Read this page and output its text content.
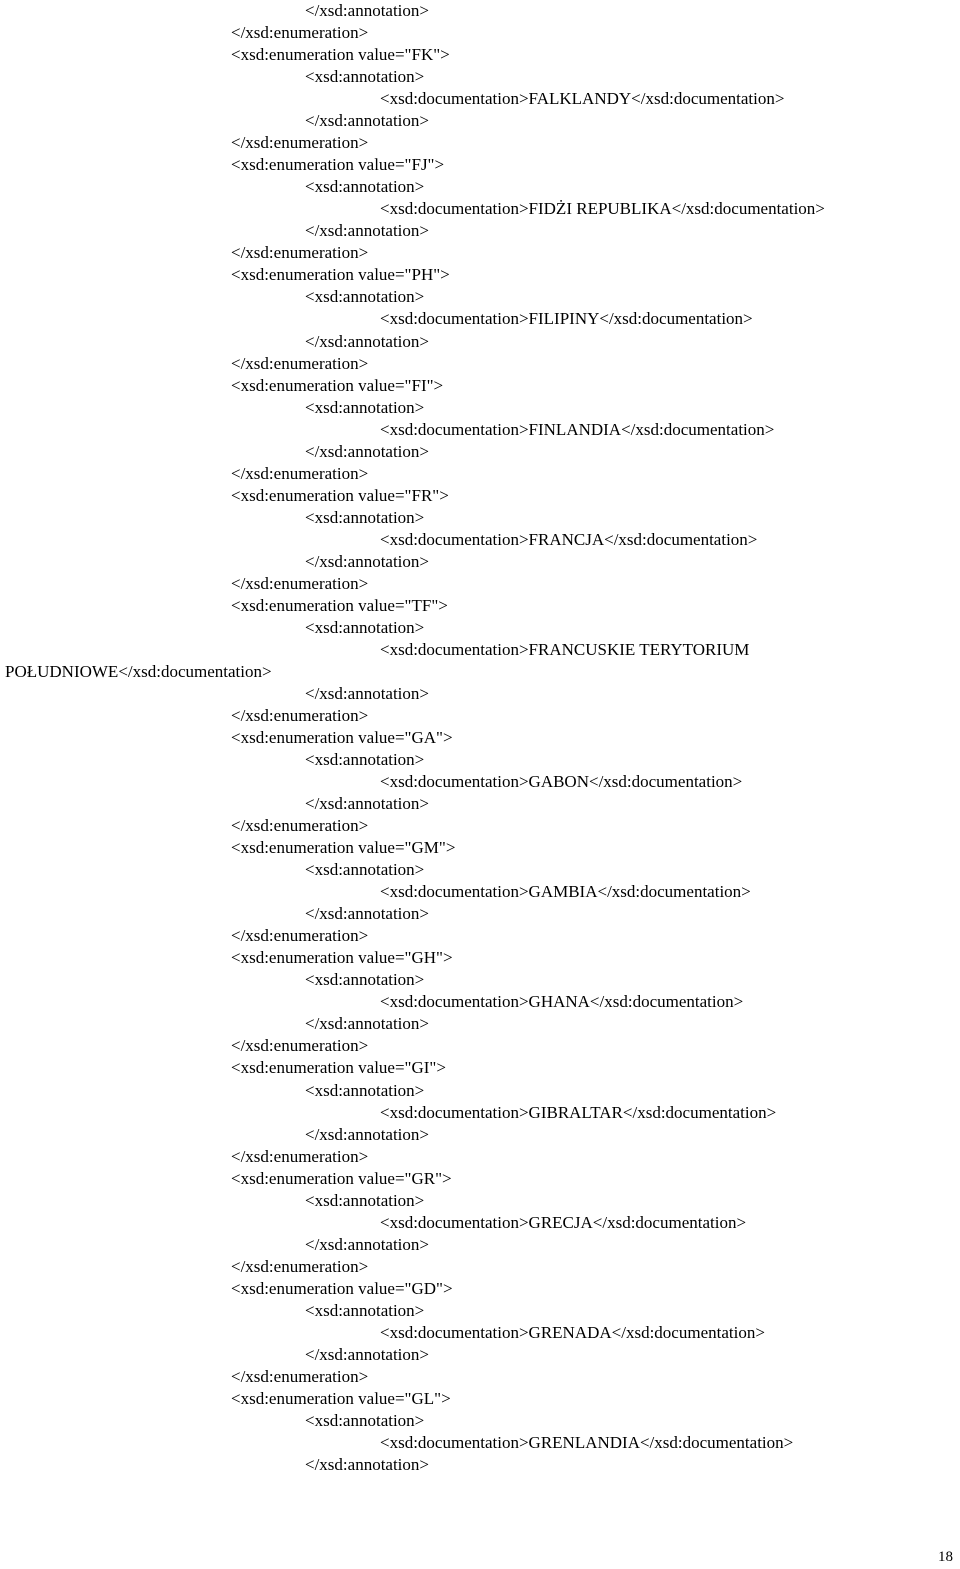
</xsd:annotation>
</xsd:enumeration>
<xsd:enumeration value="FK">
<xsd:annotation>
<xsd:documentation>FALKLANDY</xsd:documentation>
</xsd:annotation>
</xsd:enumeration>
<xsd:enumeration value="FJ">
<xsd:annotation>
<xsd:documentation>FIDŻI REPUBLIKA</xsd:documentation>
</xsd:annotation>
</xsd:enumeration>
<xsd:enumeration value="PH">
<xsd:annotation>
<xsd:documentation>FILIPINY</xsd:documentation>
</xsd:annotation>
</xsd:enumeration>
<xsd:enumeration value="FI">
<xsd:annotation>
<xsd:documentation>FINLANDIA</xsd:documentation>
</xsd:annotation>
</xsd:enumeration>
<xsd:enumeration value="FR">
<xsd:annotation>
<xsd:documentation>FRANCJA</xsd:documentation>
</xsd:annotation>
</xsd:enumeration>
<xsd:enumeration value="TF">
<xsd:annotation>
<xsd:documentation>FRANCUSKIE TERYTORIUM
POŁUDNIOWE</xsd:documentation>
</xsd:annotation>
</xsd:enumeration>
<xsd:enumeration value="GA">
<xsd:annotation>
<xsd:documentation>GABON</xsd:documentation>
</xsd:annotation>
</xsd:enumeration>
<xsd:enumeration value="GM">
<xsd:annotation>
<xsd:documentation>GAMBIA</xsd:documentation>
</xsd:annotation>
</xsd:enumeration>
<xsd:enumeration value="GH">
<xsd:annotation>
<xsd:documentation>GHANA</xsd:documentation>
</xsd:annotation>
</xsd:enumeration>
<xsd:enumeration value="GI">
<xsd:annotation>
<xsd:documentation>GIBRALTAR</xsd:documentation>
</xsd:annotation>
</xsd:enumeration>
<xsd:enumeration value="GR">
<xsd:annotation>
<xsd:documentation>GRECJA</xsd:documentation>
</xsd:annotation>
</xsd:enumeration>
<xsd:enumeration value="GD">
<xsd:annotation>
<xsd:documentation>GRENADA</xsd:documentation>
</xsd:annotation>
</xsd:enumeration>
<xsd:enumeration value="GL">
<xsd:annotation>
<xsd:documentation>GRENLANDIA</xsd:documentation>
</xsd:annotation>
18
